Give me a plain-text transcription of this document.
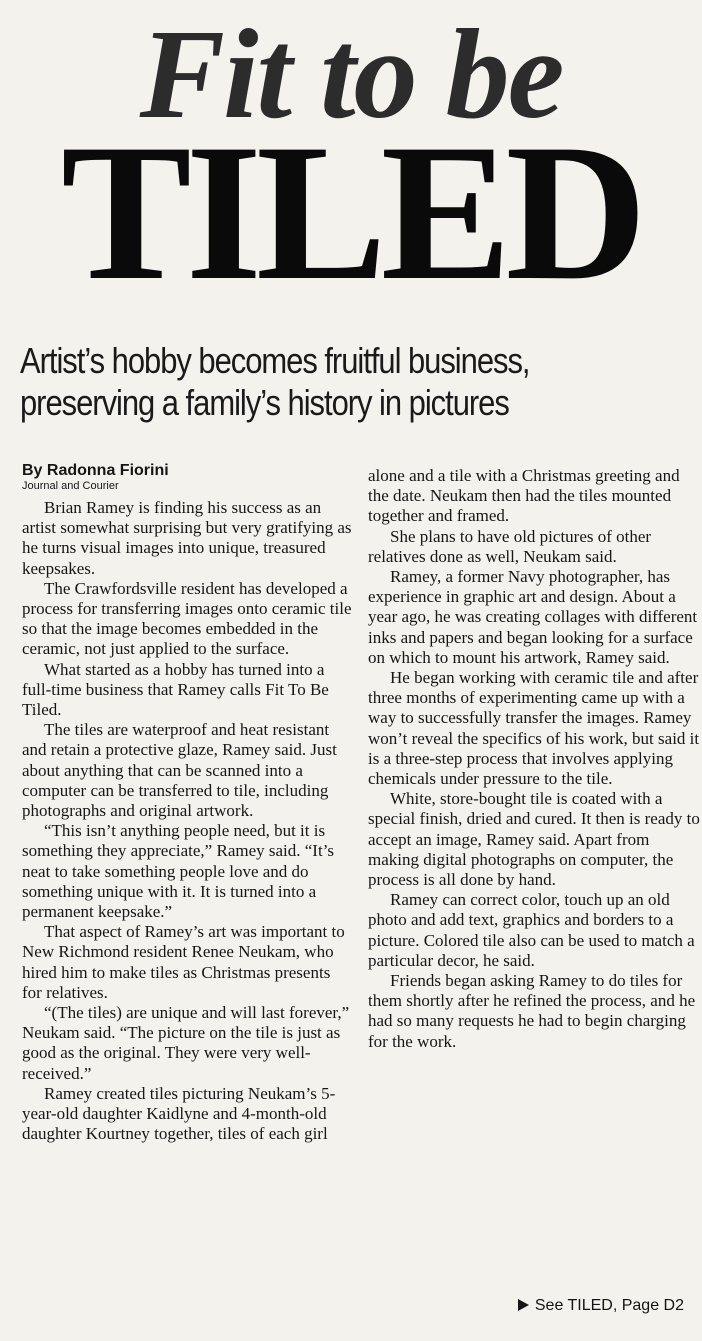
Fit to be
TILED
Artist’s hobby becomes fruitful business,
preserving a family’s history in pictures

By Radonna Fiorini

Journal and Courier

Brian Ramey is finding his success as an artist somewhat surprising but very gratifying as he turns visual images into unique, treasured keepsakes.

The Crawfordsville resident has developed a process for transferring images onto ceramic tile so that the image becomes embedded in the ceramic, not just applied to the surface.

What started as a hobby has turned into a full-time business that Ramey calls Fit To Be Tiled.

The tiles are waterproof and heat resistant and retain a protective glaze, Ramey said. Just about anything that can be scanned into a computer can be transferred to tile, including photographs and original artwork.

“This isn’t anything people need, but it is something they appreciate,” Ramey said. “It’s neat to take something people love and do something unique with it. It is turned into a permanent keepsake.”

That aspect of Ramey’s art was important to New Richmond resident Renee Neukam, who hired him to make tiles as Christmas presents for relatives.

“(The tiles) are unique and will last forever,” Neukam said. “The picture on the tile is just as good as the original. They were very well-received.”

Ramey created tiles picturing Neukam’s 5-year-old daughter Kaidlyne and 4-month-old daughter Kourtney together, tiles of each girl

alone and a tile with a Christmas greeting and the date. Neukam then had the tiles mounted together and framed.

She plans to have old pictures of other relatives done as well, Neukam said.

Ramey, a former Navy photographer, has experience in graphic art and design. About a year ago, he was creating collages with different inks and papers and began looking for a surface on which to mount his artwork, Ramey said.

He began working with ceramic tile and after three months of experimenting came up with a way to successfully transfer the images. Ramey won’t reveal the specifics of his work, but said it is a three-step process that involves applying chemicals under pressure to the tile.

White, store-bought tile is coated with a special finish, dried and cured. It then is ready to accept an image, Ramey said. Apart from making digital photographs on computer, the process is all done by hand.

Ramey can correct color, touch up an old photo and add text, graphics and borders to a picture. Colored tile also can be used to match a particular decor, he said.

Friends began asking Ramey to do tiles for them shortly after he refined the process, and he had so many requests he had to begin charging for the work.

See TILED, Page D2
